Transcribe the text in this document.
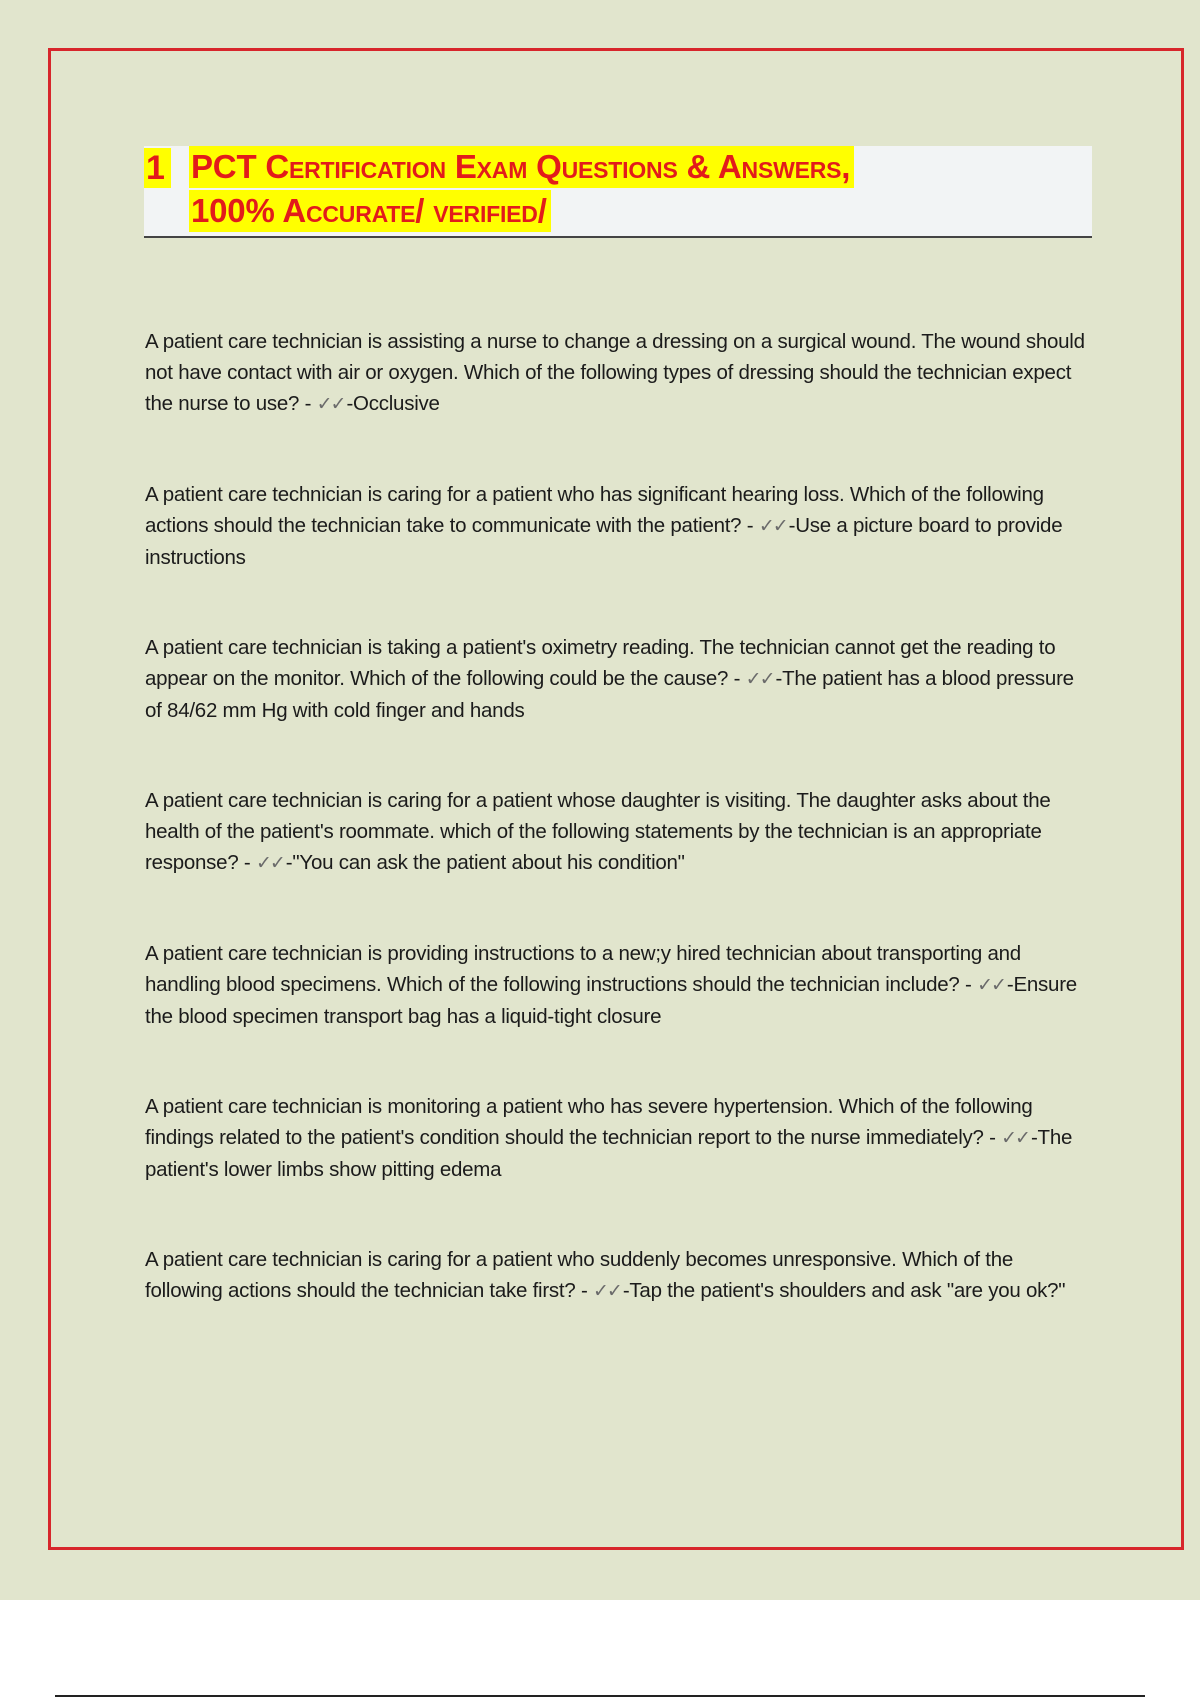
1 PCT Certification Exam Questions & Answers,
100% Accurate/ verified/
A patient care technician is assisting a nurse to change a dressing on a surgical wound. The wound should not have contact with air or oxygen. Which of the following types of dressing should the technician expect the nurse to use? - ✓✓-Occlusive
A patient care technician is caring for a patient who has significant hearing loss. Which of the following actions should the technician take to communicate with the patient? - ✓✓-Use a picture board to provide instructions
A patient care technician is taking a patient's oximetry reading. The technician cannot get the reading to appear on the monitor. Which of the following could be the cause? - ✓✓-The patient has a blood pressure of 84/62 mm Hg with cold finger and hands
A patient care technician is caring for a patient whose daughter is visiting. The daughter asks about the health of the patient's roommate. which of the following statements by the technician is an appropriate response? - ✓✓-"You can ask the patient about his condition"
A patient care technician is providing instructions to a new;y hired technician about transporting and handling blood specimens. Which of the following instructions should the technician include? - ✓✓-Ensure the blood specimen transport bag has a liquid-tight closure
A patient care technician is monitoring a patient who has severe hypertension. Which of the following findings related to the patient's condition should the technician report to the nurse immediately? - ✓✓-The patient's lower limbs show pitting edema
A patient care technician is caring for a patient who suddenly becomes unresponsive. Which of the following actions should the technician take first? - ✓✓-Tap the patient's shoulders and ask "are you ok?"
